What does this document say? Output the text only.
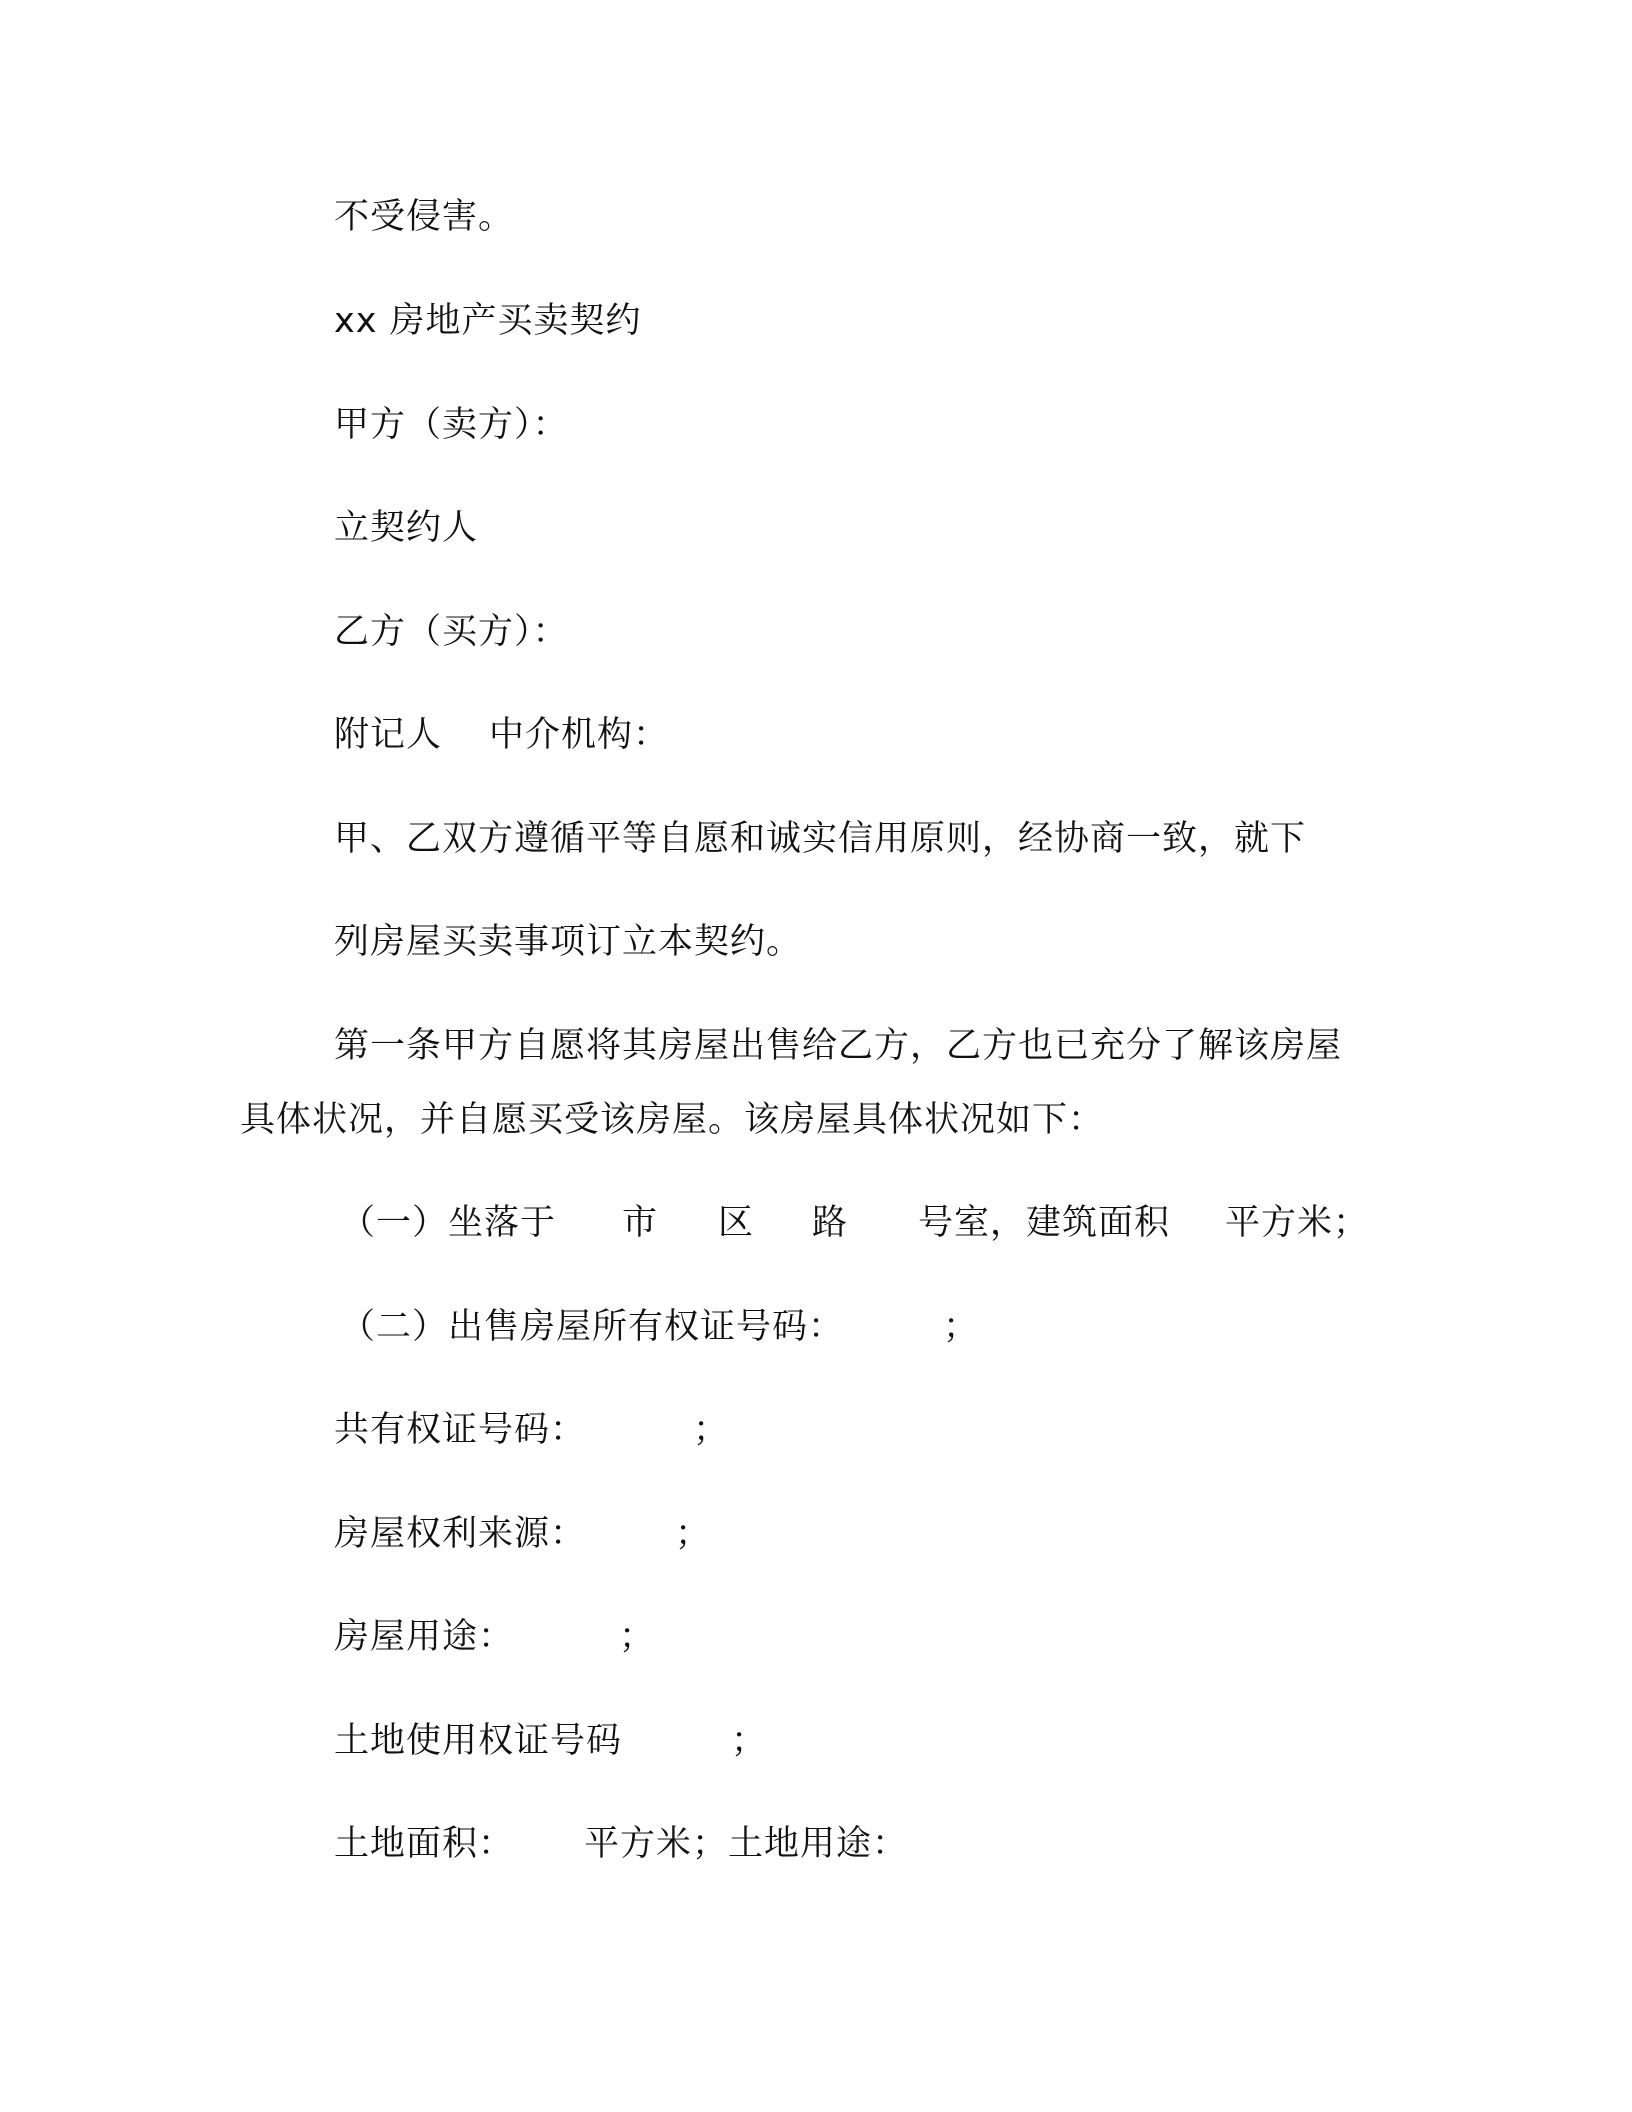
不受侵害。
xx 房地产买卖契约
甲方（卖方）：
立契约人
乙方（买方）：
附记人 中介机构：
甲、乙双方遵循平等自愿和诚实信用原则，经协商一致，就下
列房屋买卖事项订立本契约。
第一条甲方自愿将其房屋出售给乙方，乙方也已充分了解该房屋
具体状况，并自愿买受该房屋。该房屋具体状况如下：
（一）坐落于 市 区 路 号室，建筑面积 平方米；
（二）出售房屋所有权证号码：	；
共有权证号码：	；
房屋权利来源：	；
房屋用途：	；
土地使用权证号码	；
土地面积： 平方米；土地用途：
